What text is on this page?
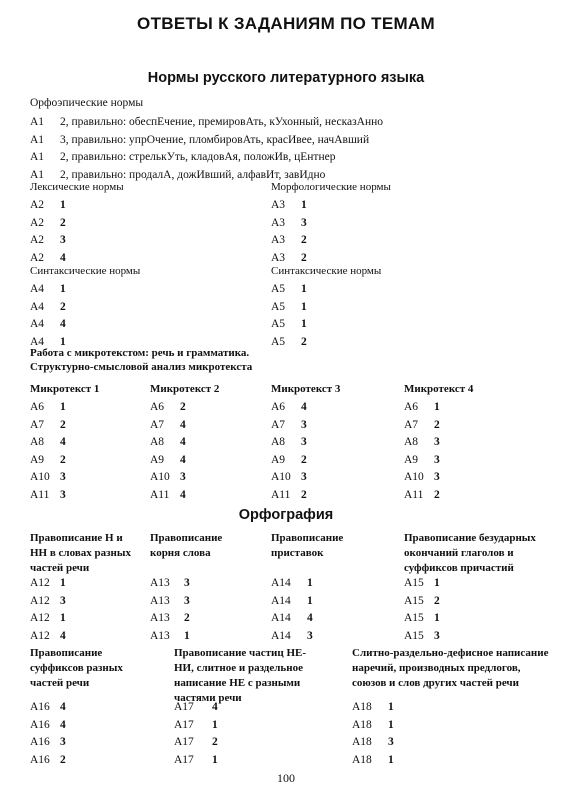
ОТВЕТЫ К ЗАДАНИЯМ ПО ТЕМАМ
Нормы русского литературного языка
Орфоэпические нормы
А1	2, правильно: обеспЕчение, премировАть, кУхонный, несказАнно
А1	3, правильно: упрОчение, пломбировАть, красИвее, начАвший
А1	2, правильно: стрелькУть, кладовАя, положИв, цЕнтнер
А1	2, правильно: продалА, дожИвший, алфавИт, завИдно
Лексические нормы
А2	1
А2	2
А2	3
А2	4
Морфологические нормы
А3	1
А3	3
А3	2
А3	2
Синтаксические нормы
А4	1
А4	2
А4	4
А4	1
Синтаксические нормы
А5	1
А5	1
А5	1
А5	2
Работа с микротекстом: речь и грамматика.
Структурно-смысловой анализ микротекста
Микротекст 1
А6	1
А7	2
А8	4
А9	2
А10 3
А11 3
Микротекст 2
А6	2
А7	4
А8	4
А9	4
А10 3
А11 4
Микротекст 3
А6	4
А7	3
А8	3
А9	2
А10 3
А11 2
Микротекст 4
А6	1
А7	2
А8	3
А9	3
А10 3
А11 2
Орфография
Правописание Н и НН в словах разных частей речи
А12 1
А12 3
А12 1
А12 4
Правописание корня слова
А13	3
А13	3
А13	2
А13	1
Правописание приставок
А14	1
А14	1
А14	4
А14	3
Правописание безударных окончаний глаголов и суффиксов причастий
А15 1
А15 2
А15 1
А15 3
Правописание суффиксов разных частей речи
А16 4
А16 4
А16 3
А16 2
Правописание частиц НЕ-НИ, слитное и раздельное написание НЕ с разными частями речи
А17	4
А17	1
А17	2
А17	1
Слитно-раздельно-дефисное написание наречий, производных предлогов, союзов и слов других частей речи
А18	1
А18	1
А18	3
А18	1
100
